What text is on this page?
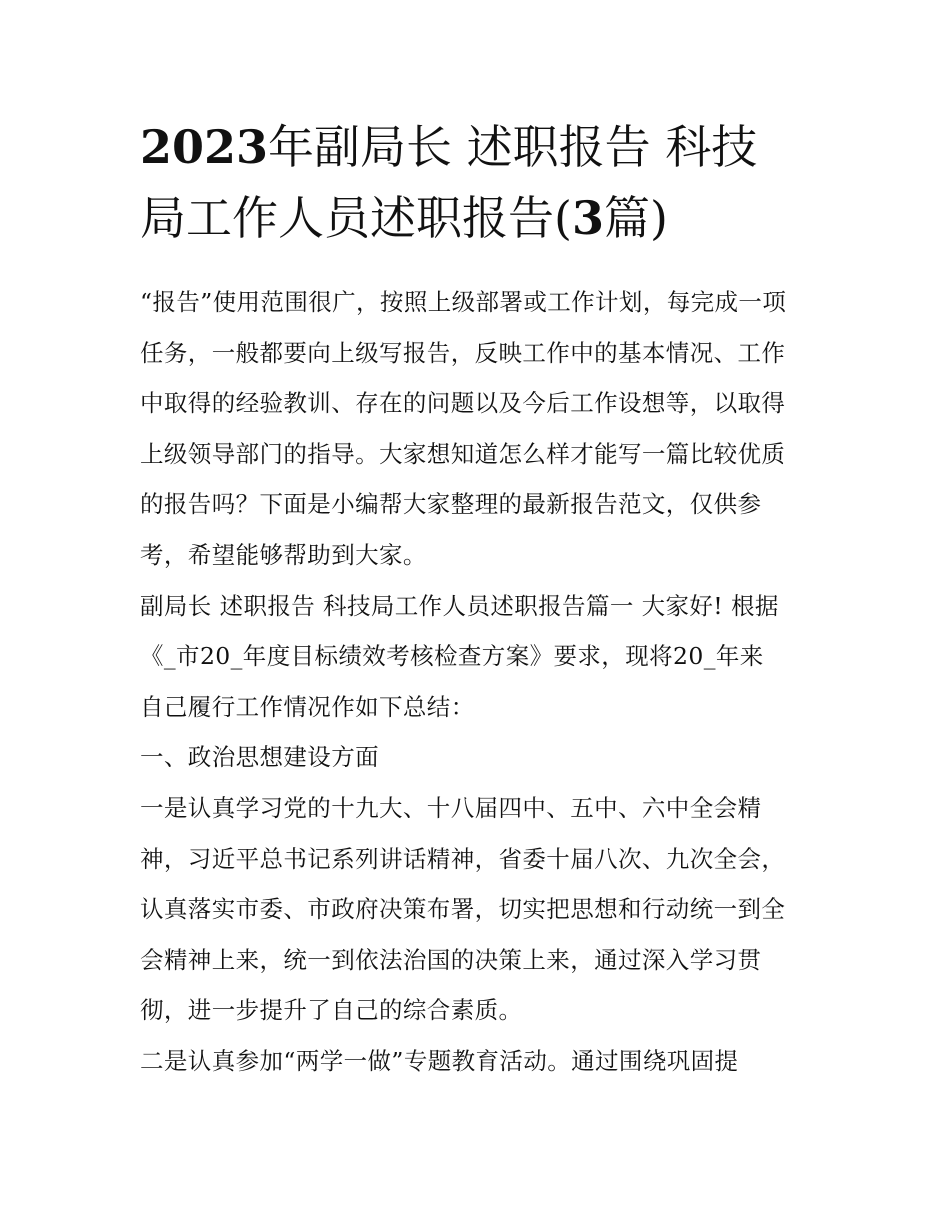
2023年副局长 述职报告 科技
局工作人员述职报告(3篇)
“报告”使用范围很广，按照上级部署或工作计划，每完成一项
任务，一般都要向上级写报告，反映工作中的基本情况、工作
中取得的经验教训、存在的问题以及今后工作设想等，以取得
上级领导部门的指导。大家想知道怎么样才能写一篇比较优质
的报告吗？下面是小编帮大家整理的最新报告范文，仅供参
考，希望能够帮助到大家。
副局长 述职报告 科技局工作人员述职报告篇一 大家好! 根据
《_市20_年度目标绩效考核检查方案》要求，现将20_年来
自己履行工作情况作如下总结：
一、政治思想建设方面
一是认真学习党的十九大、十八届四中、五中、六中全会精
神，习近平总书记系列讲话精神，省委十届八次、九次全会，
认真落实市委、市政府决策布署，切实把思想和行动统一到全
会精神上来，统一到依法治国的决策上来，通过深入学习贯
彻，进一步提升了自己的综合素质。
二是认真参加“两学一做”专题教育活动。通过围绕巩固提
